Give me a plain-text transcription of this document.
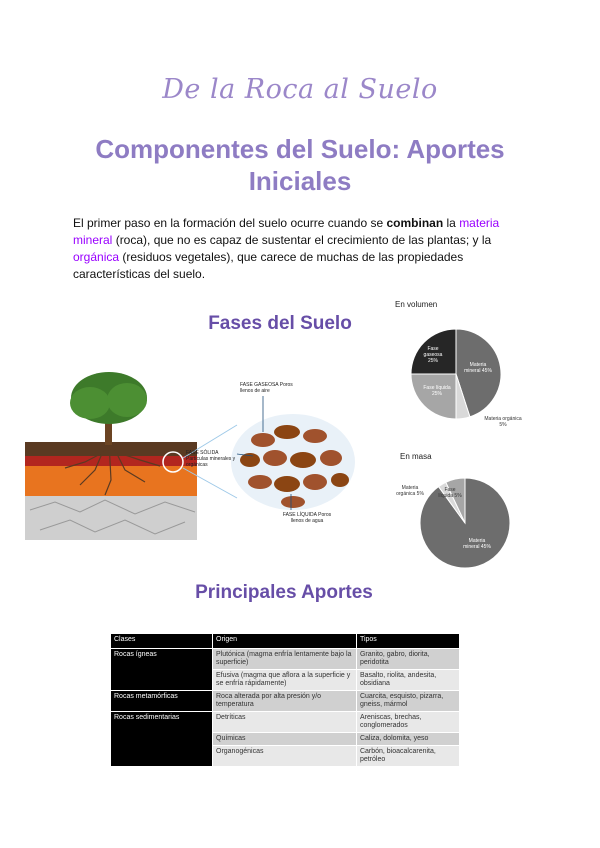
De la Roca al Suelo
Componentes del Suelo: Aportes Iniciales
El primer paso en la formación del suelo ocurre cuando se combinan la materia mineral (roca), que no es capaz de sustentar el crecimiento de las plantas; y la orgánica (residuos vegetales), que carece de muchas de las propiedades características del suelo.
Fases del Suelo
FASE GASEOSA Poros llenos de aire
FASE SÓLIDA Partículas minerales y orgánicas
FASE LÍQUIDA Poros llenos de agua
En volumen
Fase gaseosa 25%
Materia mineral 45%
Fase líquida 25%
Materia orgánica 5%
En masa
Materia mineral 45%
Materia orgánica 5%
Fase líquida 5%
Principales Aportes
Clases	Origen	Tipos
Rocas ígneas	Plutónica (magma enfría lentamente bajo la superficie)	Granito, gabro, diorita, peridotita
	Efusiva (magma que aflora a la superficie y se enfría rápidamente)	Basalto, riolita, andesita, obsidiana
Rocas metamórficas	Roca alterada por alta presión y/o temperatura	Cuarcita, esquisto, pizarra, gneiss, mármol
Rocas sedimentarias	Detríticas	Areniscas, brechas, conglomerados
	Químicas	Caliza, dolomita, yeso
	Organogénicas	Carbón, bioacalcarenita, petróleo
